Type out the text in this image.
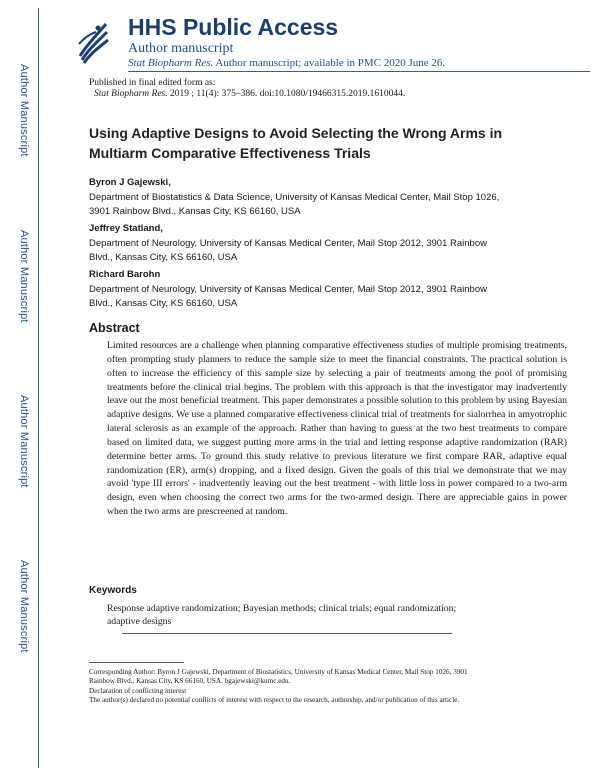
Author Manuscript
Author Manuscript
Author Manuscript
Author Manuscript
HHS Public Access
Author manuscript
Stat Biopharm Res. Author manuscript; available in PMC 2020 June 26.
Published in final edited form as:
Stat Biopharm Res. 2019 ; 11(4): 375–386. doi:10.1080/19466315.2019.1610044.
Using Adaptive Designs to Avoid Selecting the Wrong Arms in
Multiarm Comparative Effectiveness Trials
Byron J Gajewski,
Department of Biostatistics & Data Science, University of Kansas Medical Center, Mail Stop 1026,
3901 Rainbow Blvd., Kansas City, KS 66160, USA
Jeffrey Statland,
Department of Neurology, University of Kansas Medical Center, Mail Stop 2012, 3901 Rainbow
Blvd., Kansas City, KS 66160, USA
Richard Barohn
Department of Neurology, University of Kansas Medical Center, Mail Stop 2012, 3901 Rainbow
Blvd., Kansas City, KS 66160, USA
Abstract
Limited resources are a challenge when planning comparative effectiveness studies of multiple promising treatments, often prompting study planners to reduce the sample size to meet the financial constraints. The practical solution is often to increase the efficiency of this sample size by selecting a pair of treatments among the pool of promising treatments before the clinical trial begins. The problem with this approach is that the investigator may inadvertently leave out the most beneficial treatment. This paper demonstrates a possible solution to this problem by using Bayesian adaptive designs. We use a planned comparative effectiveness clinical trial of treatments for sialorrhea in amyotrophic lateral sclerosis as an example of the approach. Rather than having to guess at the two best treatments to compare based on limited data, we suggest putting more arms in the trial and letting response adaptive randomization (RAR) determine better arms. To ground this study relative to previous literature we first compare RAR, adaptive equal randomization (ER), arm(s) dropping, and a fixed design. Given the goals of this trial we demonstrate that we may avoid 'type III errors' - inadvertently leaving out the best treatment - with little loss in power compared to a two-arm design, even when choosing the correct two arms for the two-armed design. There are appreciable gains in power when the two arms are prescreened at random.
Keywords
Response adaptive randomization; Bayesian methods; clinical trials; equal randomization;
adaptive designs
Corresponding Author: Byron J Gajewski, Department of Biostatistics, University of Kansas Medical Center, Mail Stop 1026, 3901
Rainbow Blvd., Kansas City, KS 66160, USA. bgajewski@kumc.edu.
Declaration of conflicting interest
The author(s) declared no potential conflicts of interest with respect to the research, authorship, and/or publication of this article.
